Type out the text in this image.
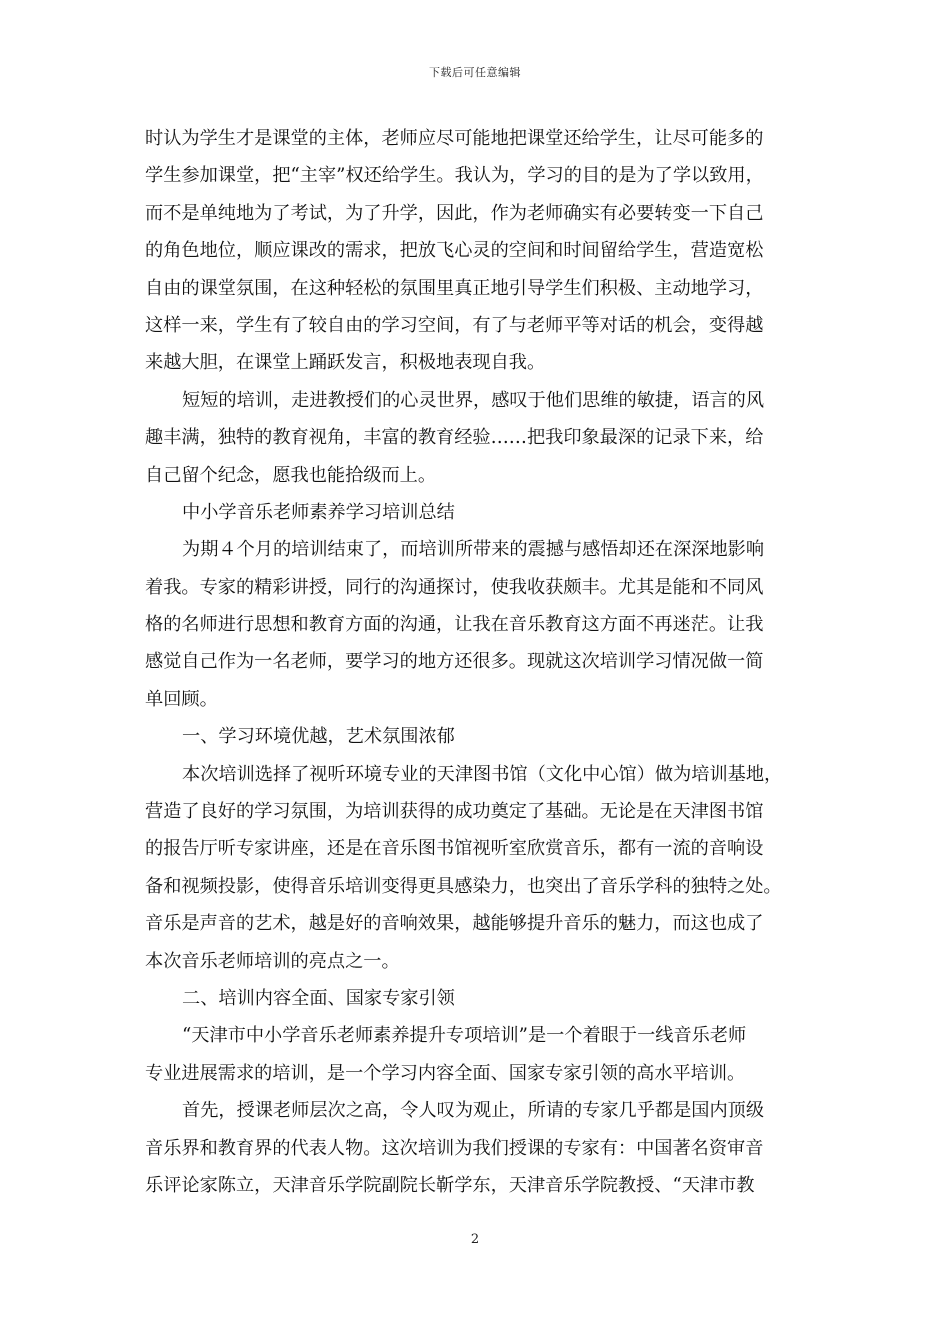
下载后可任意编辑
时认为学生才是课堂的主体，老师应尽可能地把课堂还给学生，让尽可能多的
学生参加课堂，把“主宰”权还给学生。我认为，学习的目的是为了学以致用，
而不是单纯地为了考试，为了升学，因此，作为老师确实有必要转变一下自己
的角色地位，顺应课改的需求，把放飞心灵的空间和时间留给学生，营造宽松
自由的课堂氛围，在这种轻松的氛围里真正地引导学生们积极、主动地学习，
这样一来，学生有了较自由的学习空间，有了与老师平等对话的机会，变得越
来越大胆，在课堂上踊跃发言，积极地表现自我。
短短的培训，走进教授们的心灵世界，感叹于他们思维的敏捷，语言的风
趣丰满，独特的教育视角，丰富的教育经验……把我印象最深的记录下来，给
自己留个纪念，愿我也能拾级而上。
中小学音乐老师素养学习培训总结
为期４个月的培训结束了，而培训所带来的震撼与感悟却还在深深地影响
着我。专家的精彩讲授，同行的沟通探讨，使我收获颇丰。尤其是能和不同风
格的名师进行思想和教育方面的沟通，让我在音乐教育这方面不再迷茫。让我
感觉自己作为一名老师，要学习的地方还很多。现就这次培训学习情况做一简
单回顾。
一、学习环境优越，艺术氛围浓郁
本次培训选择了视听环境专业的天津图书馆（文化中心馆）做为培训基地，
营造了良好的学习氛围，为培训获得的成功奠定了基础。无论是在天津图书馆
的报告厅听专家讲座，还是在音乐图书馆视听室欣赏音乐，都有一流的音响设
备和视频投影，使得音乐培训变得更具感染力，也突出了音乐学科的独特之处。
音乐是声音的艺术，越是好的音响效果，越能够提升音乐的魅力，而这也成了
本次音乐老师培训的亮点之一。
二、培训内容全面、国家专家引领
“天津市中小学音乐老师素养提升专项培训”是一个着眼于一线音乐老师
专业进展需求的培训，是一个学习内容全面、国家专家引领的高水平培训。
首先，授课老师层次之高，令人叹为观止，所请的专家几乎都是国内顶级
音乐界和教育界的代表人物。这次培训为我们授课的专家有：中国著名资审音
乐评论家陈立，天津音乐学院副院长靳学东，天津音乐学院教授、“天津市教
2
